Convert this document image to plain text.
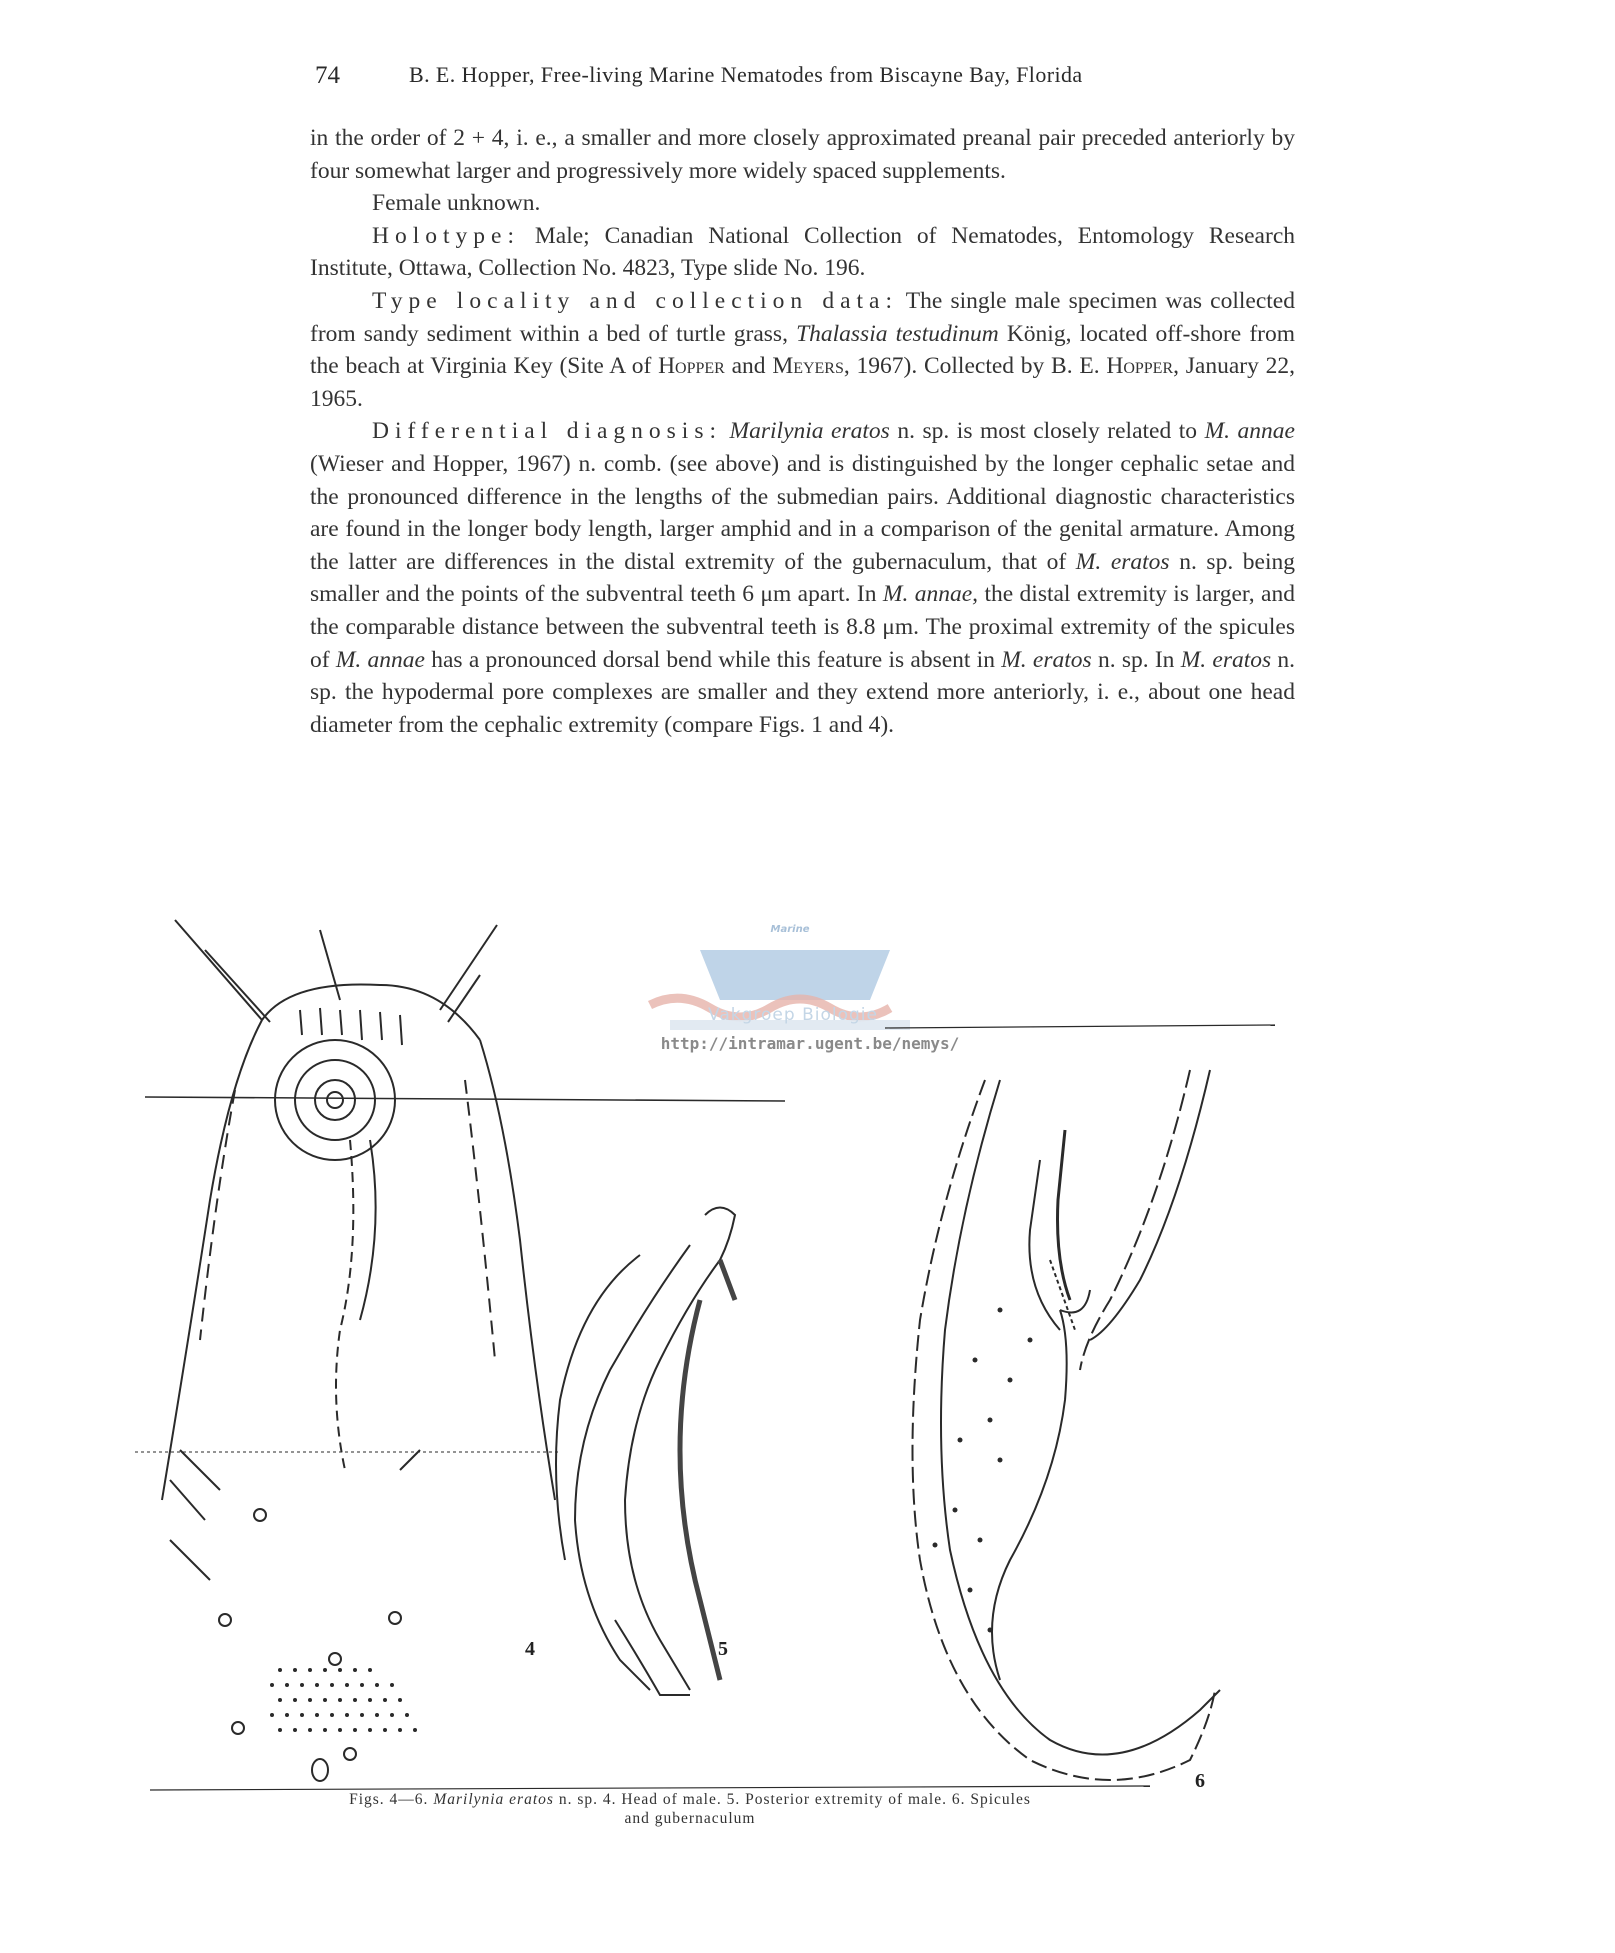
74	B. E. Hopper, Free-living Marine Nematodes from Biscayne Bay, Florida

in the order of 2 + 4, i. e., a smaller and more closely approximated preanal pair preceded anteriorly by four somewhat larger and progressively more widely spaced supplements.

Female unknown.

Holotype: Male; Canadian National Collection of Nematodes, Entomology Research Institute, Ottawa, Collection No. 4823, Type slide No. 196.

Type locality and collection data: The single male specimen was collected from sandy sediment within a bed of turtle grass, Thalassia testudinum König, located off-shore from the beach at Virginia Key (Site A of Hopper and Meyers, 1967). Collected by B. E. Hopper, January 22, 1965.

Differential diagnosis: Marilynia eratos n. sp. is most closely related to M. annae (Wieser and Hopper, 1967) n. comb. (see above) and is distinguished by the longer cephalic setae and the pronounced difference in the lengths of the submedian pairs. Additional diagnostic characteristics are found in the longer body length, larger amphid and in a comparison of the genital armature. Among the latter are differences in the distal extremity of the gubernaculum, that of M. eratos n. sp. being smaller and the points of the subventral teeth 6 μm apart. In M. annae, the distal extremity is larger, and the comparable distance between the subventral teeth is 8.8 μm. The proximal extremity of the spicules of M. annae has a pronounced dorsal bend while this feature is absent in M. eratos n. sp. In M. eratos n. sp. the hypodermal pore complexes are smaller and they extend more anteriorly, i. e., about one head diameter from the cephalic extremity (compare Figs. 1 and 4).

Marine
Vakgroep Biologie
http://intramar.ugent.be/nemys/
4	5
6
Figs. 4—6. Marilynia eratos n. sp. 4. Head of male. 5. Posterior extremity of male. 6. Spicules
and gubernaculum
